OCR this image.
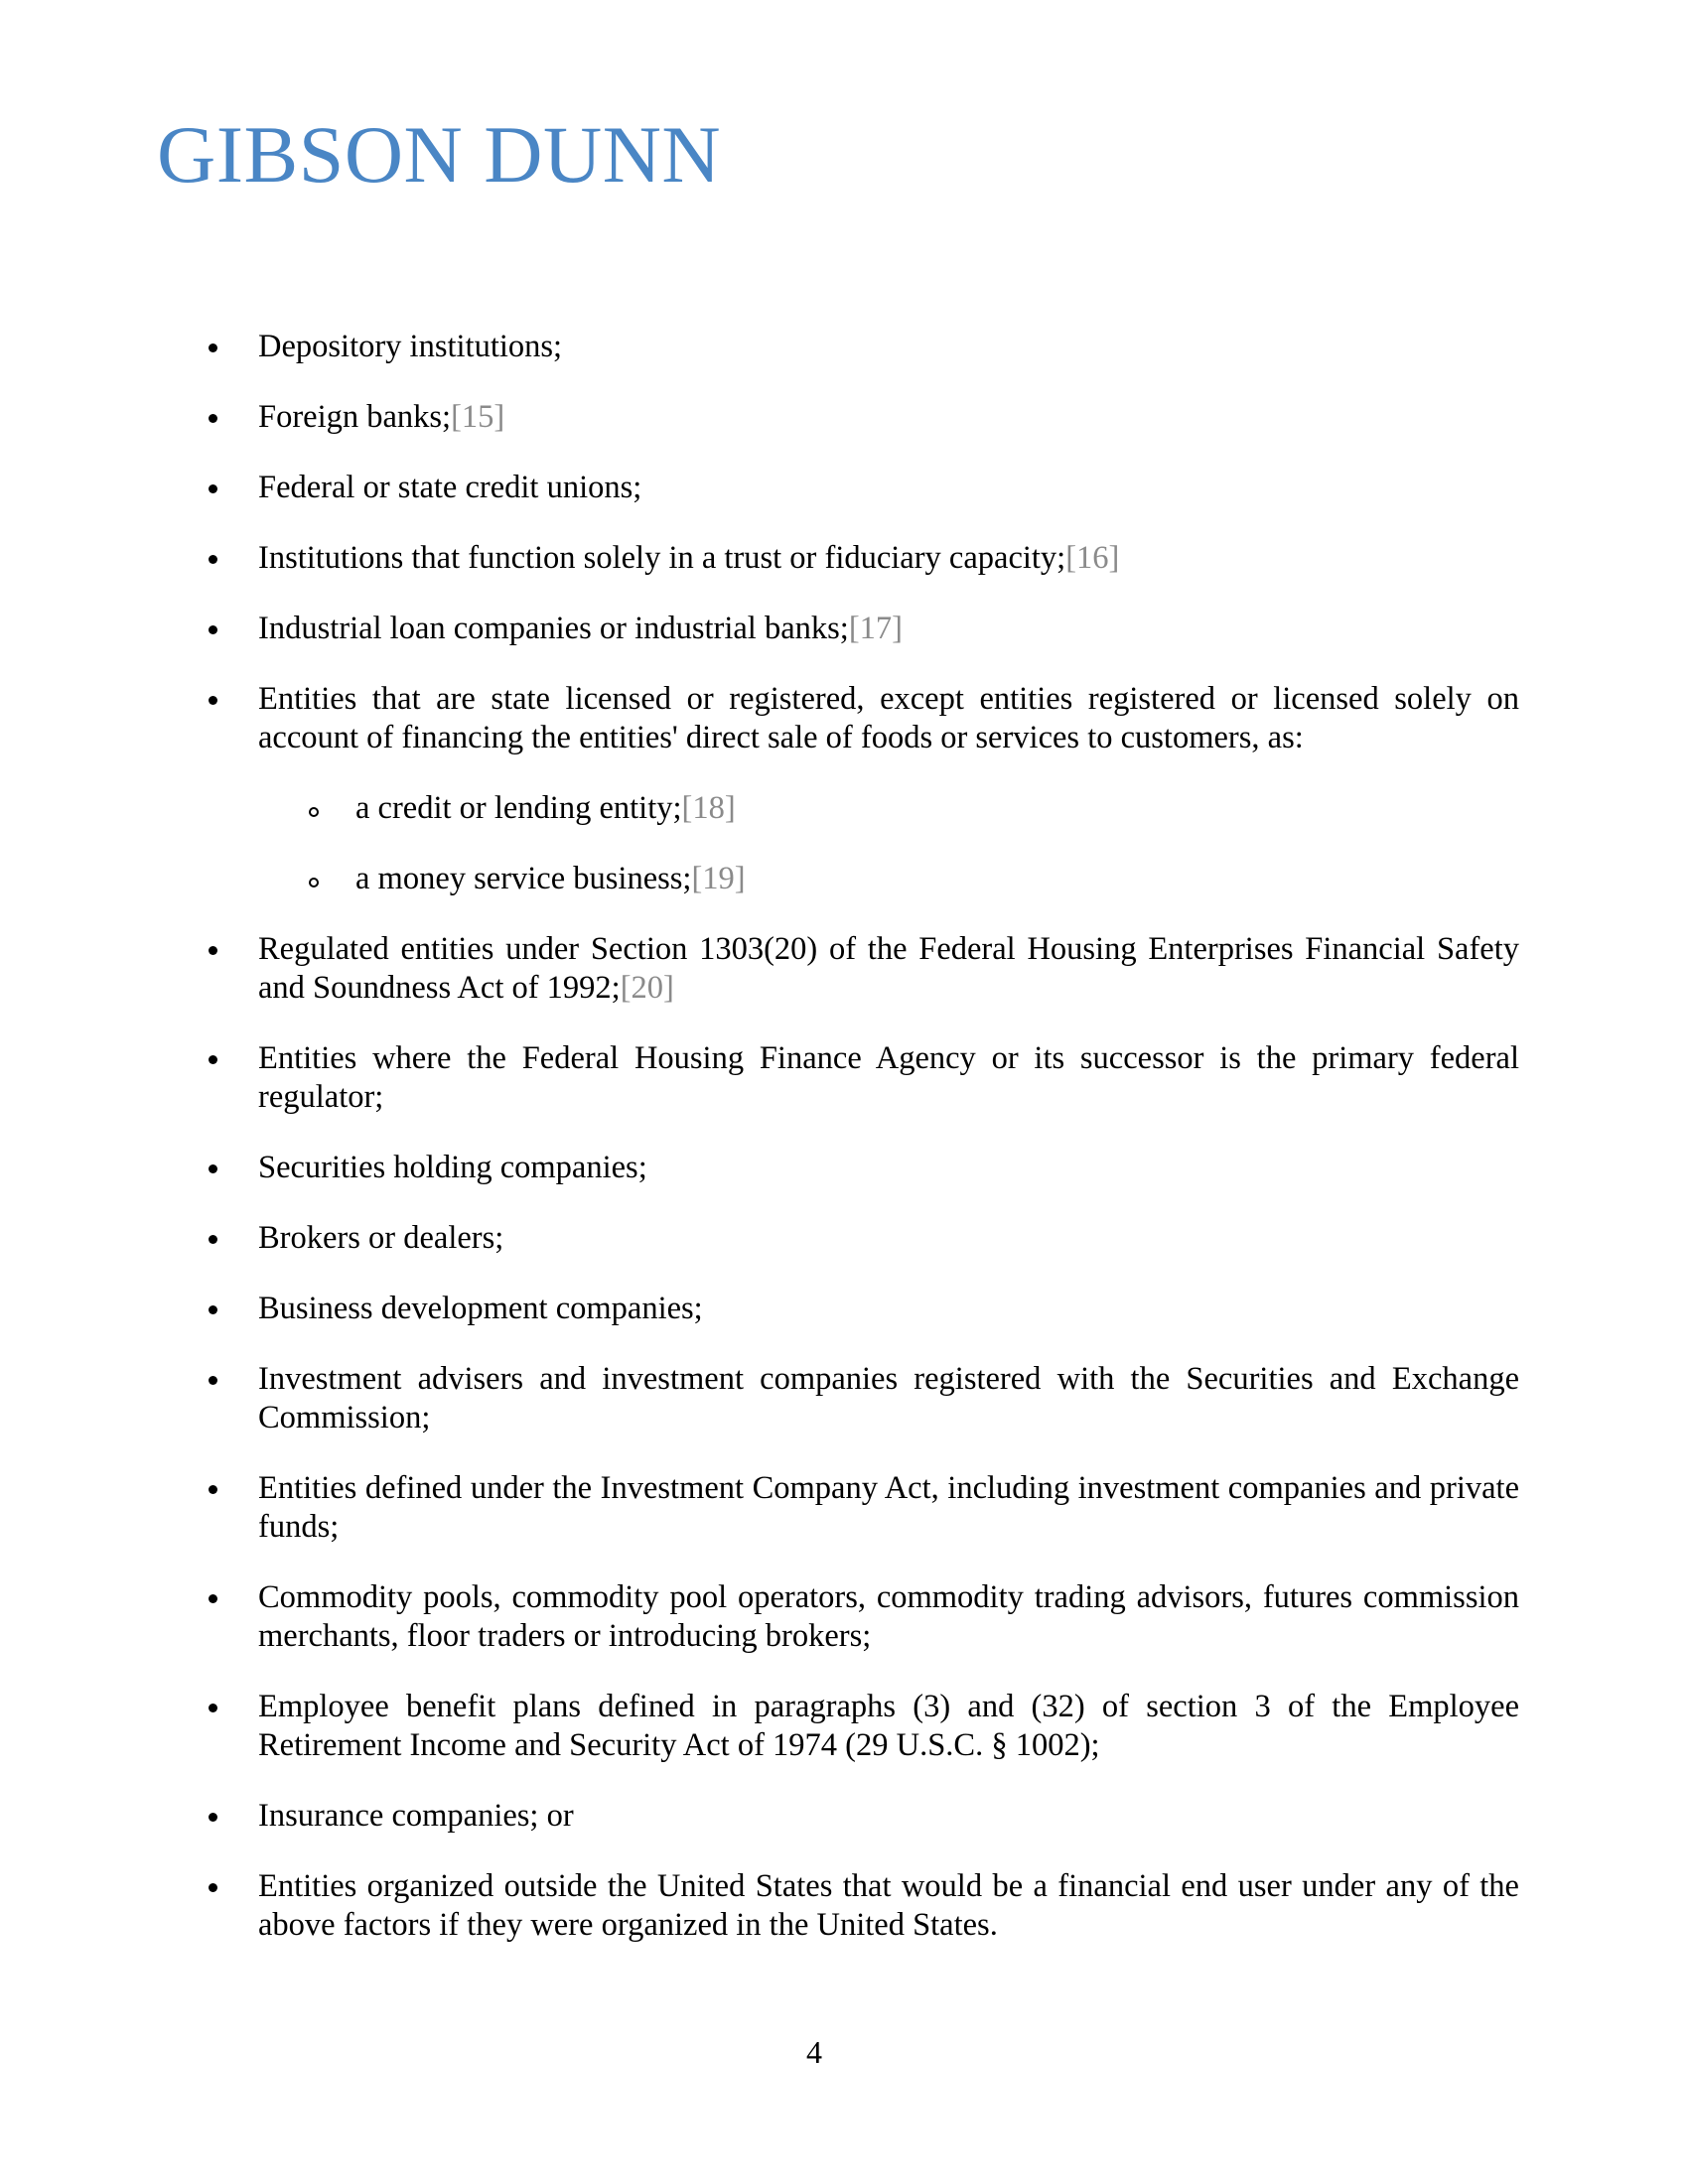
GIBSON DUNN
Depository institutions;
Foreign banks;[15]
Federal or state credit unions;
Institutions that function solely in a trust or fiduciary capacity;[16]
Industrial loan companies or industrial banks;[17]
Entities that are state licensed or registered, except entities registered or licensed solely on account of financing the entities' direct sale of foods or services to customers, as:
a credit or lending entity;[18]
a money service business;[19]
Regulated entities under Section 1303(20) of the Federal Housing Enterprises Financial Safety and Soundness Act of 1992;[20]
Entities where the Federal Housing Finance Agency or its successor is the primary federal regulator;
Securities holding companies;
Brokers or dealers;
Business development companies;
Investment advisers and investment companies registered with the Securities and Exchange Commission;
Entities defined under the Investment Company Act, including investment companies and private funds;
Commodity pools, commodity pool operators, commodity trading advisors, futures commission merchants, floor traders or introducing brokers;
Employee benefit plans defined in paragraphs (3) and (32) of section 3 of the Employee Retirement Income and Security Act of 1974 (29 U.S.C. § 1002);
Insurance companies; or
Entities organized outside the United States that would be a financial end user under any of the above factors if they were organized in the United States.
4
